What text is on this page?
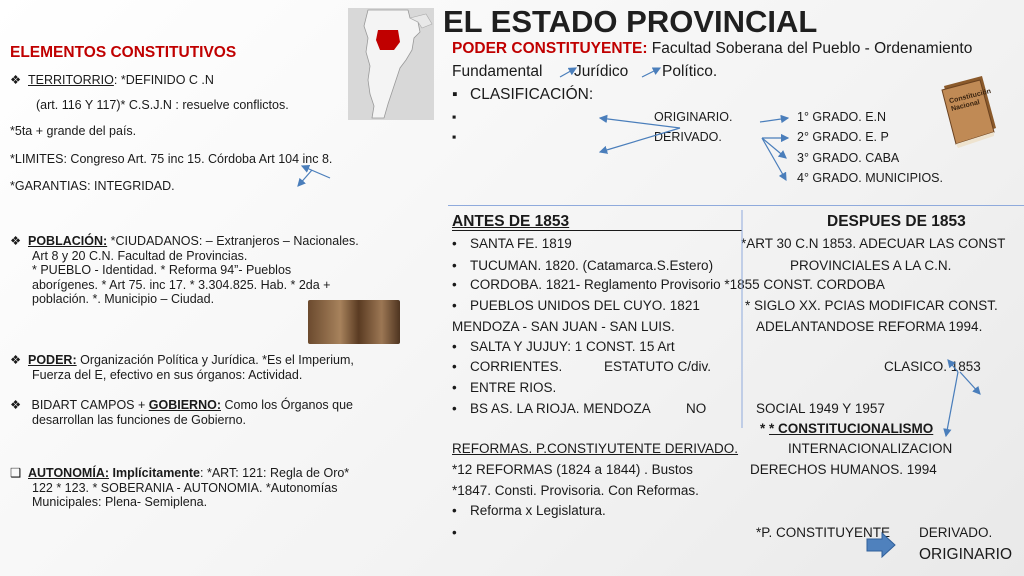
EL ESTADO PROVINCIAL
ELEMENTOS CONSTITUTIVOS
❖ TERRITORRIO: *DEFINIDO C .N
(art. 116 Y 117)* C.S.J.N : resuelve conflictos.
*5ta + grande del país.
*LIMITES: Congreso Art. 75 inc 15. Córdoba Art 104 inc 8.
*GARANTIAS: INTEGRIDAD.
❖ POBLACIÓN: *CIUDADANOS: – Extranjeros – Nacionales.
Art 8 y 20 C.N. Facultad de Provincias.
* PUEBLO - Identidad. * Reforma 94”- Pueblos
aborígenes. * Art 75. inc 17. * 3.304.825. Hab. * 2da +
población. *. Municipio – Ciudad.
❖ PODER: Organización Política y Jurídica. *Es el Imperium,
Fuerza del E, efectivo en sus órganos: Actividad.
❖ BIDART CAMPOS + GOBIERNO: Como los Órganos que
desarrollan las funciones de Gobierno.
❑ AUTONOMÍA: Implícitamente: *ART: 121: Regla de Oro*
122 * 123. * SOBERANIA - AUTONOMIA. *Autonomías
Municipales: Plena- Semiplena.
PODER CONSTITUYENTE: Facultad Soberana del Pueblo - Ordenamiento
Fundamental Jurídico Político.
▪ CLASIFICACIÓN:
▪
▪
ORIGINARIO.
DERIVADO.
1° GRADO. E.N
2° GRADO. E. P
3° GRADO. CABA
4° GRADO. MUNICIPIOS.
Constitución Nacional
ANTES DE 1853	DESPUES DE 1853
• SANTA FE. 1819	*ART 30 C.N 1853. ADECUAR LAS CONST
• TUCUMAN. 1820. (Catamarca.S.Estero)	PROVINCIALES A LA C.N.
• CORDOBA. 1821- Reglamento Provisorio *1855 CONST. CORDOBA
• PUEBLOS UNIDOS DEL CUYO. 1821	* SIGLO XX. PCIAS MODIFICAR CONST.
MENDOZA - SAN JUAN - SAN LUIS.	ADELANTANDOSE REFORMA 1994.
• SALTA Y JUJUY: 1 CONST. 15 Art
• CORRIENTES.	ESTATUTO C/div.	CLASICO. 1853
• ENTRE RIOS.
• BS AS. LA RIOJA. MENDOZA	NO	SOCIAL 1949 Y 1957
* * CONSTITUCIONALISMO
REFORMAS. P.CONSTIYUTENTE DERIVADO.	INTERNACIONALIZACION
*12 REFORMAS (1824 a 1844) . Bustos	DERECHOS HUMANOS. 1994
*1847. Consti. Provisoria. Con Reformas.
• Reforma x Legislatura.
•	*P. CONSTITUYENTE DERIVADO.
ORIGINARIO
